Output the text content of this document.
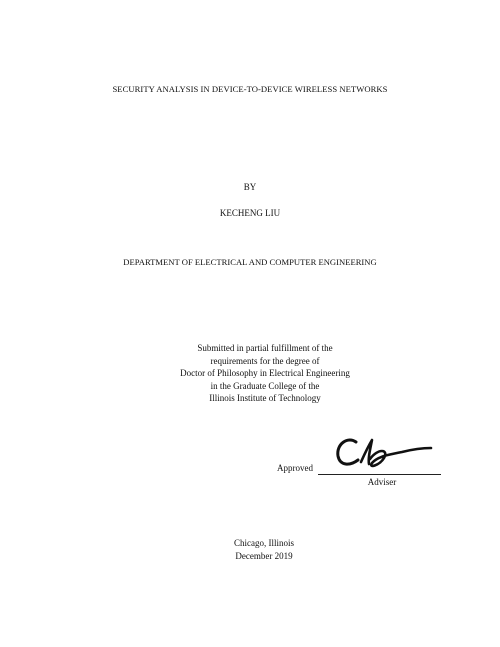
SECURITY ANALYSIS IN DEVICE-TO-DEVICE WIRELESS NETWORKS
BY
KECHENG LIU
DEPARTMENT OF ELECTRICAL AND COMPUTER ENGINEERING
Submitted in partial fulfillment of the
requirements for the degree of
Doctor of Philosophy in Electrical Engineering
in the Graduate College of the
Illinois Institute of Technology
Approved
Adviser
Chicago, Illinois
December 2019
